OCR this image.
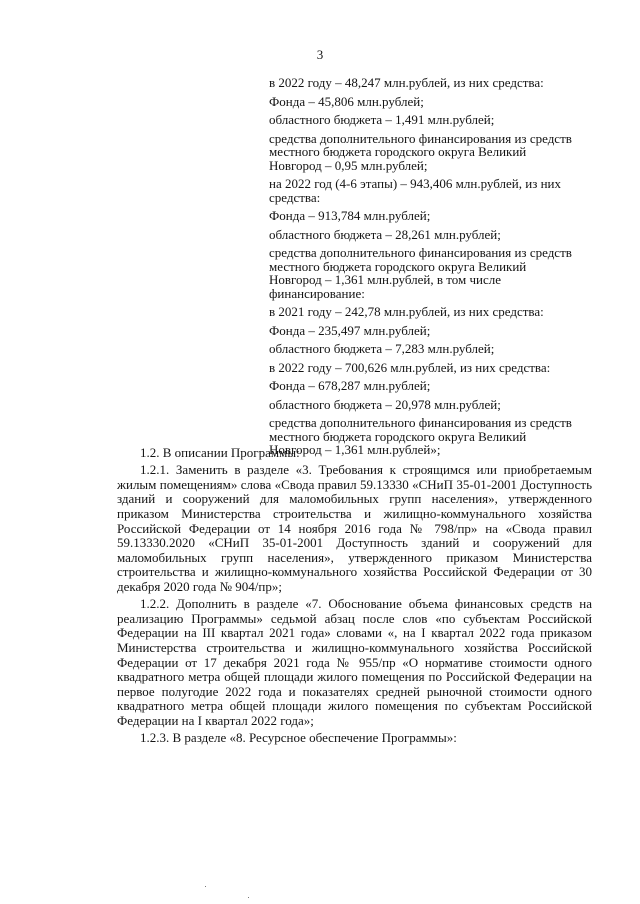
3
в 2022 году – 48,247 млн.рублей, из них средства:
Фонда – 45,806 млн.рублей;
областного бюджета – 1,491 млн.рублей;
средства дополнительного финансирования из средств местного бюджета городского округа Великий Новгород – 0,95 млн.рублей;
на 2022 год (4-6 этапы) – 943,406 млн.рублей, из них средства:
Фонда – 913,784 млн.рублей;
областного бюджета – 28,261 млн.рублей;
средства дополнительного финансирования из средств местного бюджета городского округа Великий Новгород – 1,361 млн.рублей, в том числе финансирование:
в 2021 году – 242,78 млн.рублей, из них средства:
Фонда – 235,497 млн.рублей;
областного бюджета – 7,283 млн.рублей;
в 2022 году – 700,626 млн.рублей, из них средства:
Фонда – 678,287 млн.рублей;
областного бюджета – 20,978 млн.рублей;
средства дополнительного финансирования из средств местного бюджета городского округа Великий Новгород – 1,361 млн.рублей»;

1.2. В описании Программы:

1.2.1. Заменить в разделе «3. Требования к строящимся или приобретаемым жилым помещениям» слова «Свода правил 59.13330 «СНиП 35-01-2001 Доступность зданий и сооружений для маломобильных групп населения», утвержденного приказом Министерства строительства и жилищно-коммунального хозяйства Российской Федерации от 14 ноября 2016 года № 798/пр» на «Свода правил 59.13330.2020 «СНиП 35-01-2001 Доступность зданий и сооружений для маломобильных групп населения», утвержденного приказом Министерства строительства и жилищно-коммунального хозяйства Российской Федерации от 30 декабря 2020 года № 904/пр»;

1.2.2. Дополнить в разделе «7. Обоснование объема финансовых средств на реализацию Программы» седьмой абзац после слов «по субъектам Российской Федерации на III квартал 2021 года» словами «, на I квартал 2022 года приказом Министерства строительства и жилищно-коммунального хозяйства Российской Федерации от 17 декабря 2021 года № 955/пр «О нормативе стоимости одного квадратного метра общей площади жилого помещения по Российской Федерации на первое полугодие 2022 года и показателях средней рыночной стоимости одного квадратного метра общей площади жилого помещения по субъектам Российской Федерации на I квартал 2022 года»;

1.2.3. В разделе «8. Ресурсное обеспечение Программы»:
